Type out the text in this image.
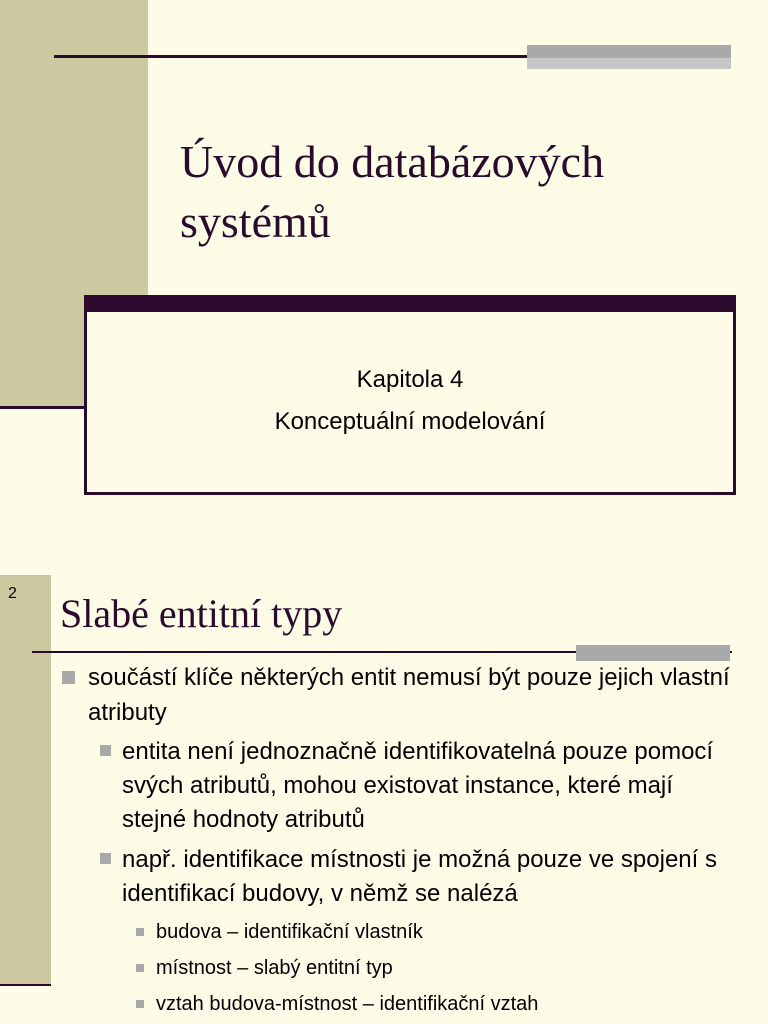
Úvod do databázových systémů
Kapitola 4
Konceptuální modelování
2 Slabé entitní typy
součástí klíče některých entit nemusí být pouze jejich vlastní atributy
entita není jednoznačně identifikovatelná pouze pomocí svých atributů, mohou existovat instance, které mají stejné hodnoty atributů
např. identifikace místnosti je možná pouze ve spojení s identifikací budovy, v němž se nalézá
budova – identifikační vlastník
místnost – slabý entitní typ
vztah budova-místnost – identifikační vztah
